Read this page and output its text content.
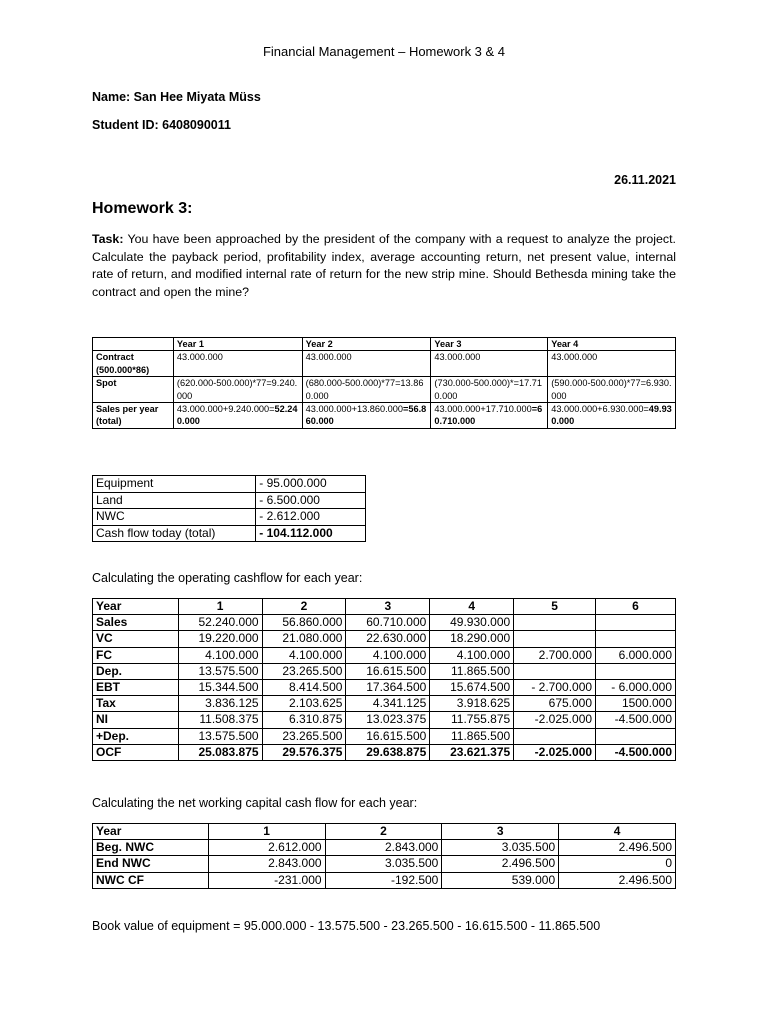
Financial Management – Homework 3 & 4
Name: San Hee Miyata Müss
Student ID: 6408090011
26.11.2021
Homework 3:

Task: You have been approached by the president of the company with a request to analyze the project. Calculate the payback period, profitability index, average accounting return, net present value, internal rate of return, and modified internal rate of return for the new strip mine. Should Bethesda mining take the contract and open the mine?

	Year 1	Year 2	Year 3	Year 4
Contract (500.000*86)	43.000.000	43.000.000	43.000.000	43.000.000
Spot	(620.000-500.000)*77=9.240.000	(680.000-500.000)*77=13.860.000	(730.000-500.000)*=17.710.000	(590.000-500.000)*77=6.930.000
Sales per year (total)	43.000.000+9.240.000=52.240.000	43.000.000+13.860.000=56.860.000	43.000.000+17.710.000=60.710.000	43.000.000+6.930.000=49.930.000
Equipment	- 95.000.000
Land	- 6.500.000
NWC	- 2.612.000
Cash flow today (total)	- 104.112.000
Calculating the operating cashflow for each year:
Year	1	2	3	4	5	6
Sales	52.240.000	56.860.000	60.710.000	49.930.000		
VC	19.220.000	21.080.000	22.630.000	18.290.000		
FC	4.100.000	4.100.000	4.100.000	4.100.000	2.700.000	6.000.000
Dep.	13.575.500	23.265.500	16.615.500	11.865.500		
EBT	15.344.500	8.414.500	17.364.500	15.674.500	- 2.700.000	- 6.000.000
Tax	3.836.125	2.103.625	4.341.125	3.918.625	675.000	1500.000
NI	11.508.375	6.310.875	13.023.375	11.755.875	-2.025.000	-4.500.000
+Dep.	13.575.500	23.265.500	16.615.500	11.865.500		
OCF	25.083.875	29.576.375	29.638.875	23.621.375	-2.025.000	-4.500.000
Calculating the net working capital cash flow for each year:
Year	1	2	3	4
Beg. NWC	2.612.000	2.843.000	3.035.500	2.496.500
End NWC	2.843.000	3.035.500	2.496.500	0
NWC CF	-231.000	-192.500	539.000	2.496.500
Book value of equipment = 95.000.000 - 13.575.500 - 23.265.500 - 16.615.500 - 11.865.500
